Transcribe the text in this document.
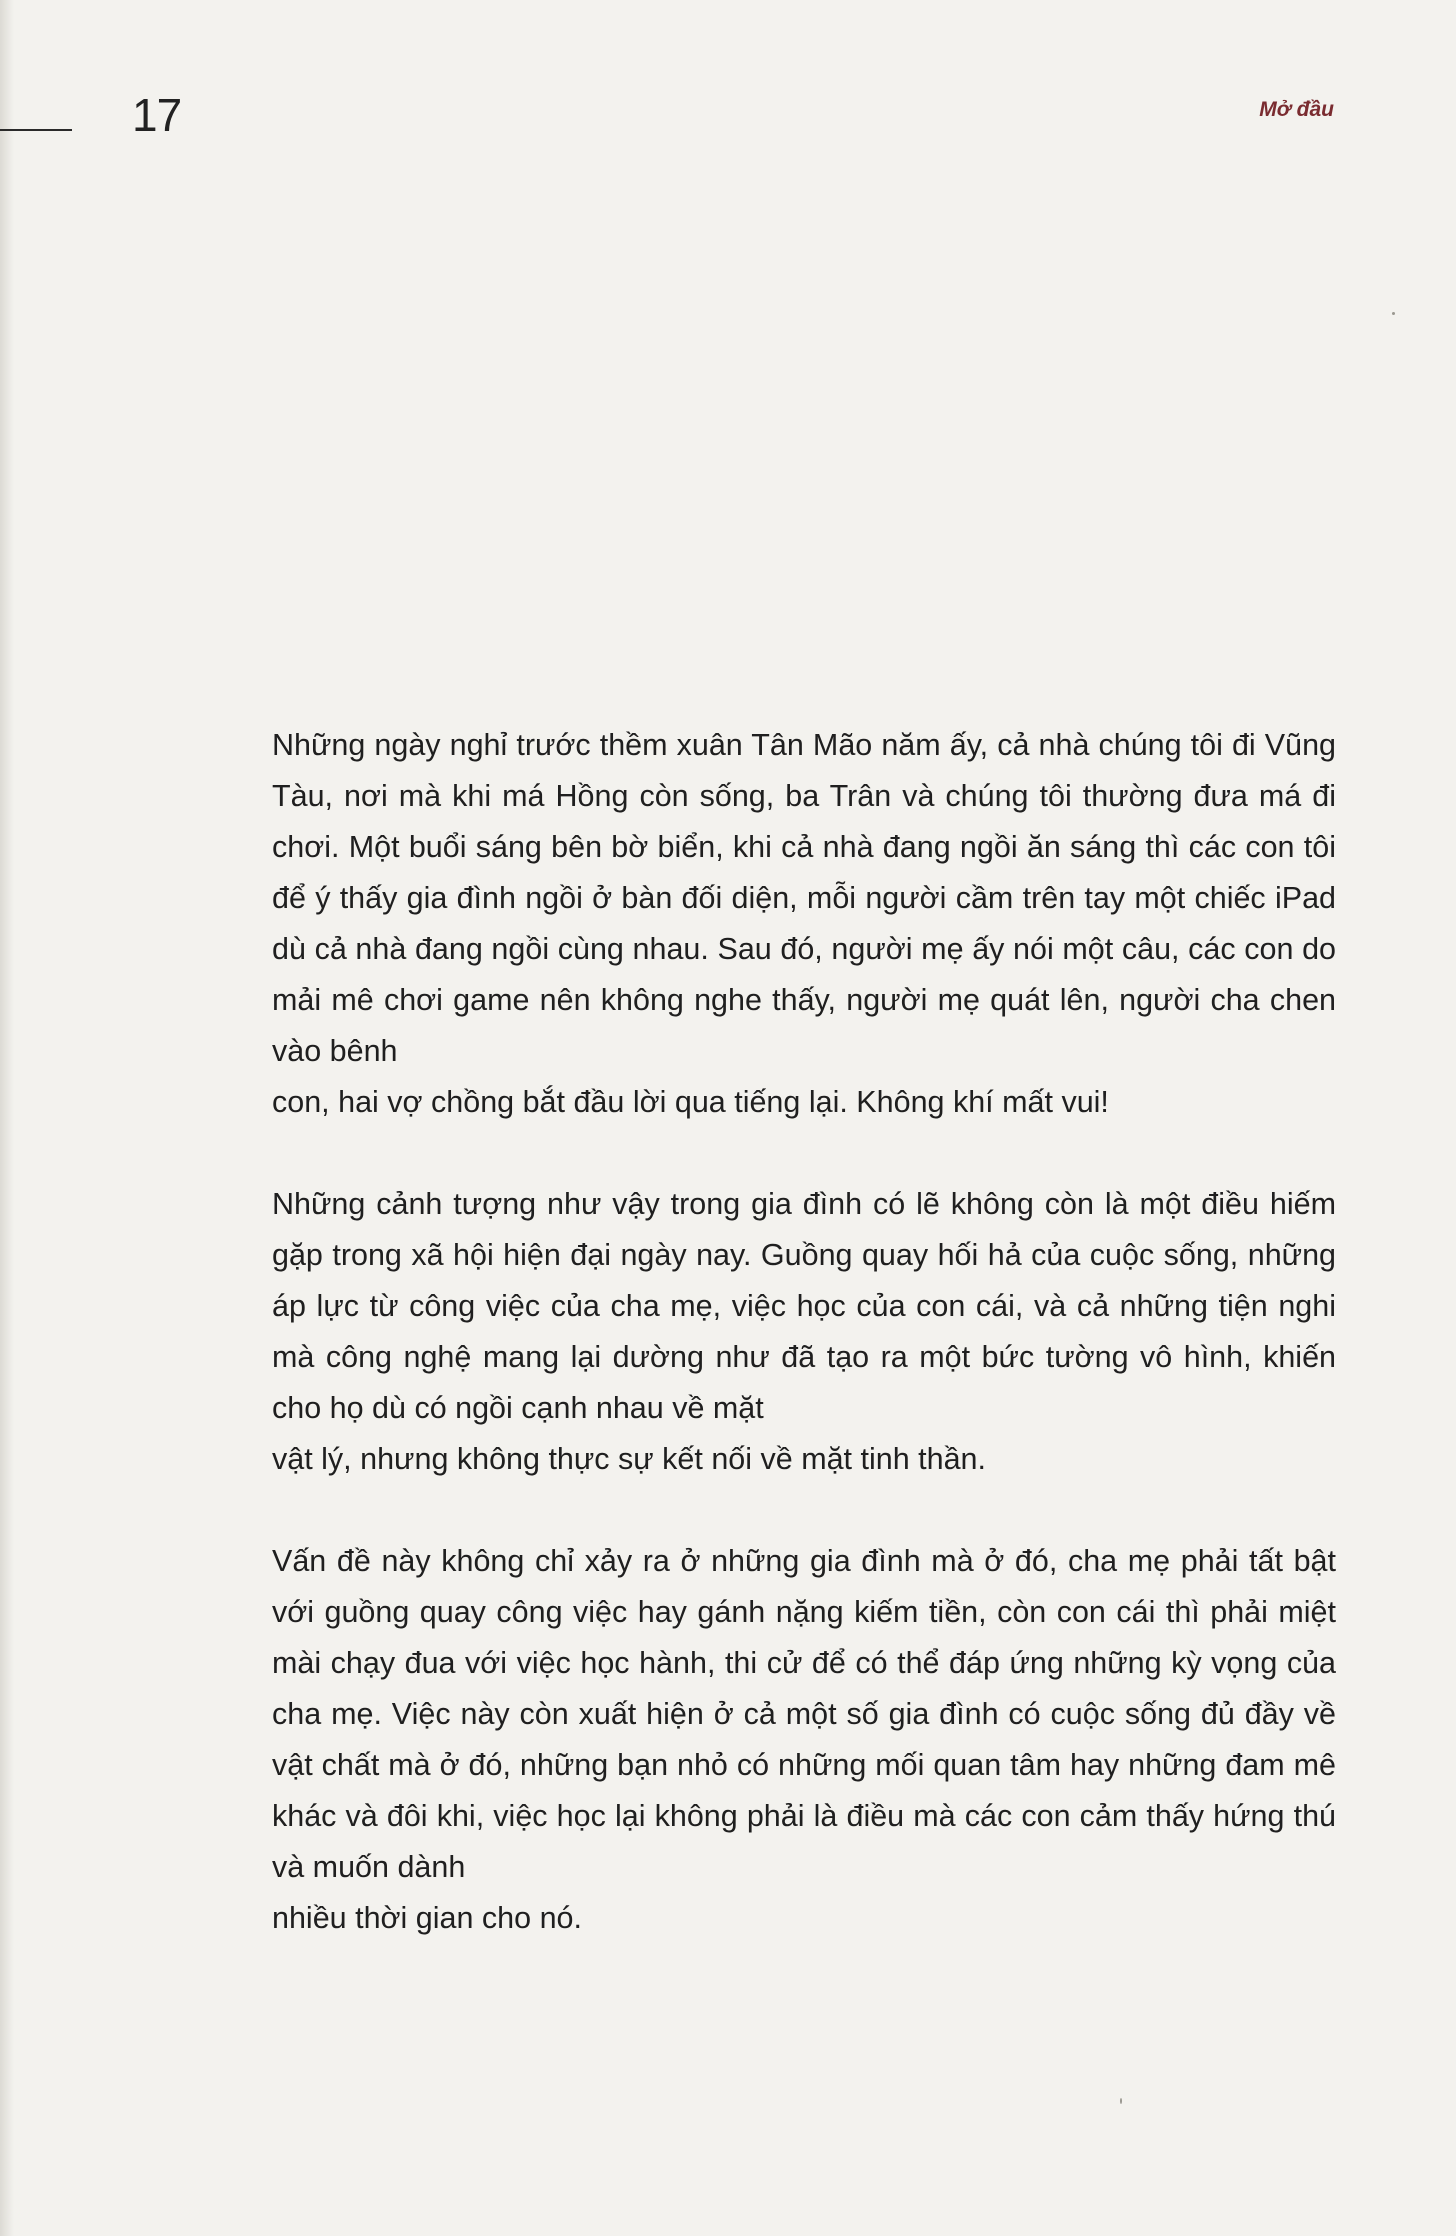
17	Mở đầu

Những ngày nghỉ trước thềm xuân Tân Mão năm ấy, cả nhà chúng tôi đi Vũng Tàu, nơi mà khi má Hồng còn sống, ba Trân và chúng tôi thường đưa má đi chơi. Một buổi sáng bên bờ biển, khi cả nhà đang ngồi ăn sáng thì các con tôi để ý thấy gia đình ngồi ở bàn đối diện, mỗi người cầm trên tay một chiếc iPad dù cả nhà đang ngồi cùng nhau. Sau đó, người mẹ ấy nói một câu, các con do mải mê chơi game nên không nghe thấy, người mẹ quát lên, người cha chen vào bênh
con, hai vợ chồng bắt đầu lời qua tiếng lại. Không khí mất vui!

Những cảnh tượng như vậy trong gia đình có lẽ không còn là một điều hiếm gặp trong xã hội hiện đại ngày nay. Guồng quay hối hả của cuộc sống, những áp lực từ công việc của cha mẹ, việc học của con cái, và cả những tiện nghi mà công nghệ mang lại dường như đã tạo ra một bức tường vô hình, khiến cho họ dù có ngồi cạnh nhau về mặt
vật lý, nhưng không thực sự kết nối về mặt tinh thần.

Vấn đề này không chỉ xảy ra ở những gia đình mà ở đó, cha mẹ phải tất bật với guồng quay công việc hay gánh nặng kiếm tiền, còn con cái thì phải miệt mài chạy đua với việc học hành, thi cử để có thể đáp ứng những kỳ vọng của cha mẹ. Việc này còn xuất hiện ở cả một số gia đình có cuộc sống đủ đầy về vật chất mà ở đó, những bạn nhỏ có những mối quan tâm hay những đam mê khác và đôi khi, việc học lại không phải là điều mà các con cảm thấy hứng thú và muốn dành
nhiều thời gian cho nó.
